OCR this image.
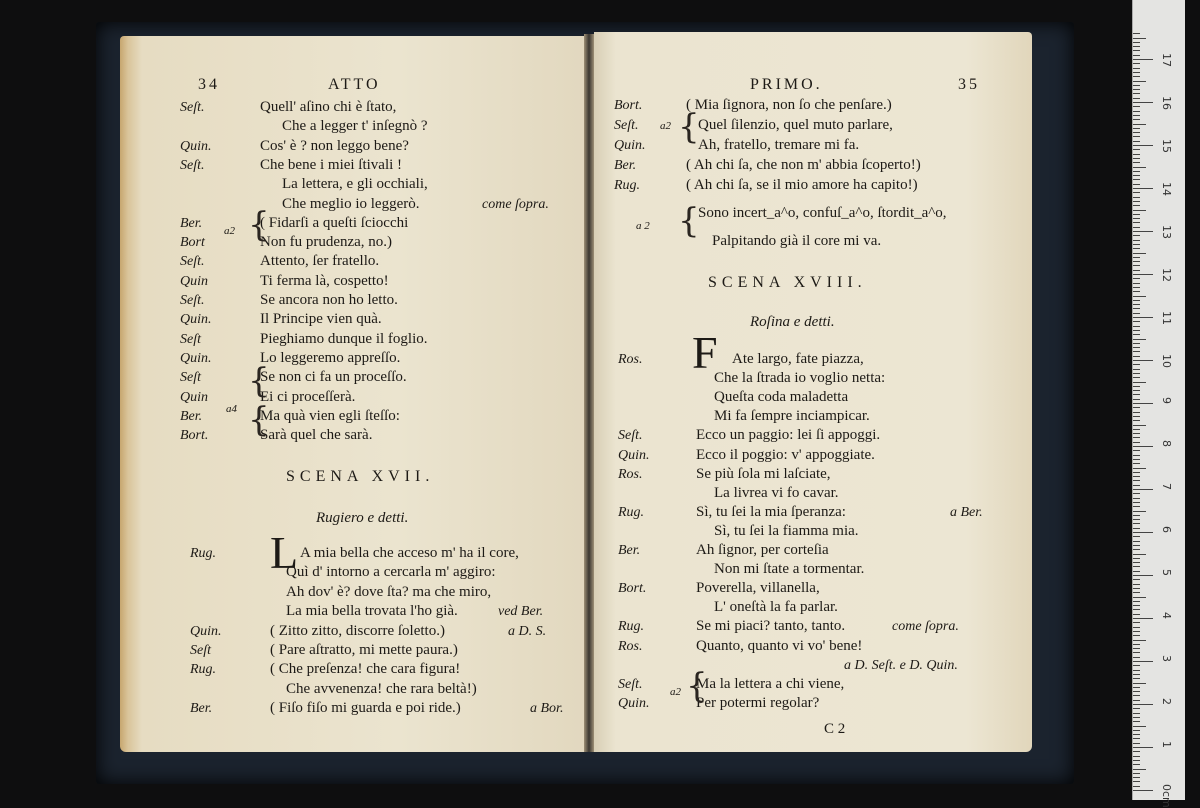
34	ATTO
Seſt.	Quell' aſino chi è ſtato,
Che a legger t' inſegnò ?
Quin.	Cos' è ? non leggo bene?
Seſt.	Che bene i miei ſtivali !
La lettera, e gli occhiali,
Che meglio io leggerò.	come ſopra.
Ber.	( Fidarſi a queſti ſciocchi
Bort	Non fu prudenza, no.)
Seſt.	Attento, ſer fratello.
Quin	Ti ferma là, cospetto!
Seſt.	Se ancora non ho letto.
Quin.	Il Principe vien quà.
Seſt	Pieghiamo dunque il foglio.
Quin.	Lo leggeremo appreſſo.
Seſt	Se non ci fa un proceſſo.
Quin	Ei ci proceſſerà.
Ber.	Ma quà vien egli ſteſſo:
Bort.	Sarà quel che sarà.
{
a2
{
{
a4
SCENA XVII.
Rugiero e detti.
L
Rug.	A mia bella che acceso m' ha il core,
Quì d' intorno a cercarla m' aggiro:
Ah dov' è? dove ſta? ma che miro,
La mia bella trovata l'ho già.	ved Ber.
Quin.	( Zitto zitto, discorre ſoletto.)	a D. S.
Seſt	( Pare aſtratto, mi mette paura.)
Rug.	( Che preſenza! che cara figura!
Che avvenenza! che rara beltà!)
Ber.	( Fiſo fiſo mi guarda e poi ride.)	a Bor.
PRIMO.	35
Bort.	( Mia ſignora, non ſo che penſare.)
Seſt.	Quel ſilenzio, quel muto parlare,
Quin.	Ah, fratello, tremare mi fa.
Ber.	( Ah chi ſa, che non m' abbia ſcoperto!)
Rug.	( Ah chi ſa, se il mio amore ha capito!)
{
a2
a 2 {
Sono incert_a^o, confuſ_a^o, ſtordit_a^o,
Palpitando già il core mi va.
SCENA XVIII.
Roſina e detti.
F
Ros.	Ate largo, fate piazza,
Che la ſtrada io voglio netta:
Queſta coda maladetta
Mi fa ſempre inciampicar.
Seſt.	Ecco un paggio: lei ſi appoggi.
Quin.	Ecco il poggio: v' appoggiate.
Ros.	Se più ſola mi laſciate,
La livrea vi fo cavar.
Rug.	Sì, tu ſei la mia ſperanza:	a Ber.
Sì, tu ſei la fiamma mia.
Ber.	Ah ſignor, per corteſia
Non mi ſtate a tormentar.
Bort.	Poverella, villanella,
L' oneſtà la fa parlar.
Rug.	Se mi piaci? tanto, tanto.	come ſopra.
Ros.	Quanto, quanto vi vo' bene!
a D. Seſt. e D. Quin.
Seſt.	Ma la lettera a chi viene,
Quin.	Per potermi regolar?
{
a2
C 2
0cm
1
2
3
4
5
6
7
8
9
10
11
12
13
14
15
16
17
